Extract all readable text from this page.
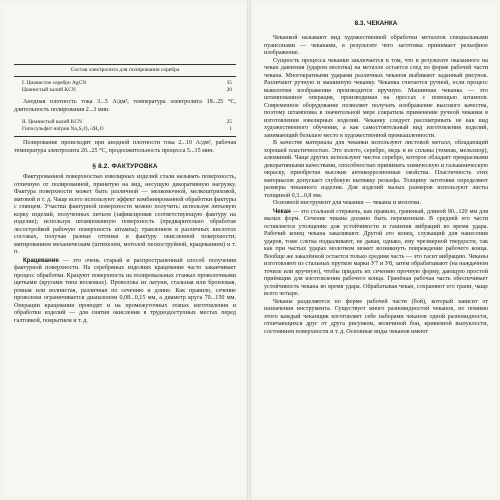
Состав электролита для полирования серебра
I. Цианистое серебро AgCN	35
Цианистый калий KCN	20

Анодная плотность тока 3...5 А/дм², температура электролита 18...25 °С, длительность полирования 2...3 мин.

II. Цианистый калий KCN	25
Гипосульфит натрия Na₂S₂O₃·2H₂O	1

Полирование происходит при анодной плотности тока 2...10 А/дм², рабочая температура электролита 20...25 °С, продолжительность процесса 5...15 мин.

§ 8.2. ФАКТУРОВКА

Фактурованной поверхностью ювелирных изделий стали называть поверхность, отличную от полированной, принятую на вид, несущую декоративную нагрузку. Фактура поверхности может быть различной — мелкомочной, мелкоштриховой, матовой и т. д. Чаще всего используют эффект комбинированной обработки фактуры с глянцем. Участки фактурной поверхности можно получить: используя литьевую корку изделий, полученных литьем (зафиксировав соответствующую фактуру на изделие); используя штампованную поверхность (предварительно обработав лесостройкой рабочую поверхность штампа); травлением в различных кислотах составах, получая разные оттенки и фактуру окисленной поверхности; матированием механическим (штихелем, мотолой пескоструйной, крацеванием) и т. п.

Крацевание — это очень старый и распространенный способ получения фактурной поверхности. На серебряных изделиях крацевание часто заканчивает процесс обработки. Крацуют поверхность на полировальных станках проволочными щетками (кругами типа восковых). Проволока из латуни, стальная или бронзовая, ровная или волнистая, различная по сечению и длине. Как правило, сечение проволоки ограничивается диапазоном 0,08...0,15 мм, а диаметр круга 70...150 мм. Операции крацевания проводят и на промежуточных этапах изготовления и обработки изделий — для снятия окисления в труднодоступных местах перед галтовкой, покрытием и т. д.

8.3. ЧЕКАНКА

Чеканкой называют вид художественной обработки металлов специальными пуансонами — чеканами, в результате чего заготовка принимает рельефное изображение.

Сущность процесса чеканки заключается в том, что в результате оказанного на чекан давления (ударом молотка) на металле остается след по форме рабочей части чекана. Многократными ударами различных чеканов выбивают заданный рисунок. Различают ручную и машинную чеканку. Чеканка считается ручной, если процесс выколотки изображения производится вручную. Машинная чеканка — это штампованное операция, производимая на прессах с помощью штампов. Современное оборудование позволяет получать изображение высокого качества, поэтому штамповка в значительной мере сократила применение ручной чеканки в изготовлении ювелирных изделий. Чеканку следует рассматривать не как вид художественного обучения, а как самостоятельный вид изготовления изделий, занимающий большое место в художественной промышленности.

В качестве материала для чеканки используют листовой металл, обладающий хорошей пластичностью. Это золото, серебро, медь и ее сплавы (томпак, мельхиор), алюминий. Чаще других используют чистое серебро, которое обладает прекрасными декоративными качествами, способностью принимать химическую и гальваническую окраску, приобретая высокие антикоррозионные свойства. Пластичность этих материалов допускает глубокую вытяжку рельефа. Толщину заготовки определяют размеры чеканного изделия. Для изделий малых размеров используют листы толщиной 0,3...0,8 мм.

Основной инструмент для чеканки — чеканы и молотки.

Чекан — это стальной стержень, как правило, граненый, длиной 90...120 мм для малых форм. Сечение чекана должно быть переменным. В средней его части оставляется утолщение для устойчивости и гашения вибраций во время удара. Рабочий конец чекана закаливают. Другой его конец, служащий для нанесения ударов, тоже слегка подкаливают, не давая, однако, ему чрезмерной твердости, так как при частых ударах молотком может возникнуть повреждение рабочего конца. Вообще же закалённой остается только средняя часть — это гасит вибрацию. Чеканы изготовляют из стальных прутков марки У7 и У8, затем обрабатывают (на наждачном точиле или вручную), чтобы придать их сечению прочную форму, дающую простой приёмщик для изготовления рабочего конца. Гранёная рабочая часть обеспечивает устойчивость чекана во время удара. Обрабатывая чекан, сохраняют его грани, чаще всего четыре.

Чеканы разделяются по форме рабочей части (бой), который зависит от назначения инструмента. Существует много разновидностей чеканов, но помимо этого каждый чеканщик изготовляет себе наборами чеканов одной разновидности, отличающихся друг от друга рисунком, величиной бои, кривизной выпуклости, состоянием поверхности и т. д. Основные виды чеканов имеют
